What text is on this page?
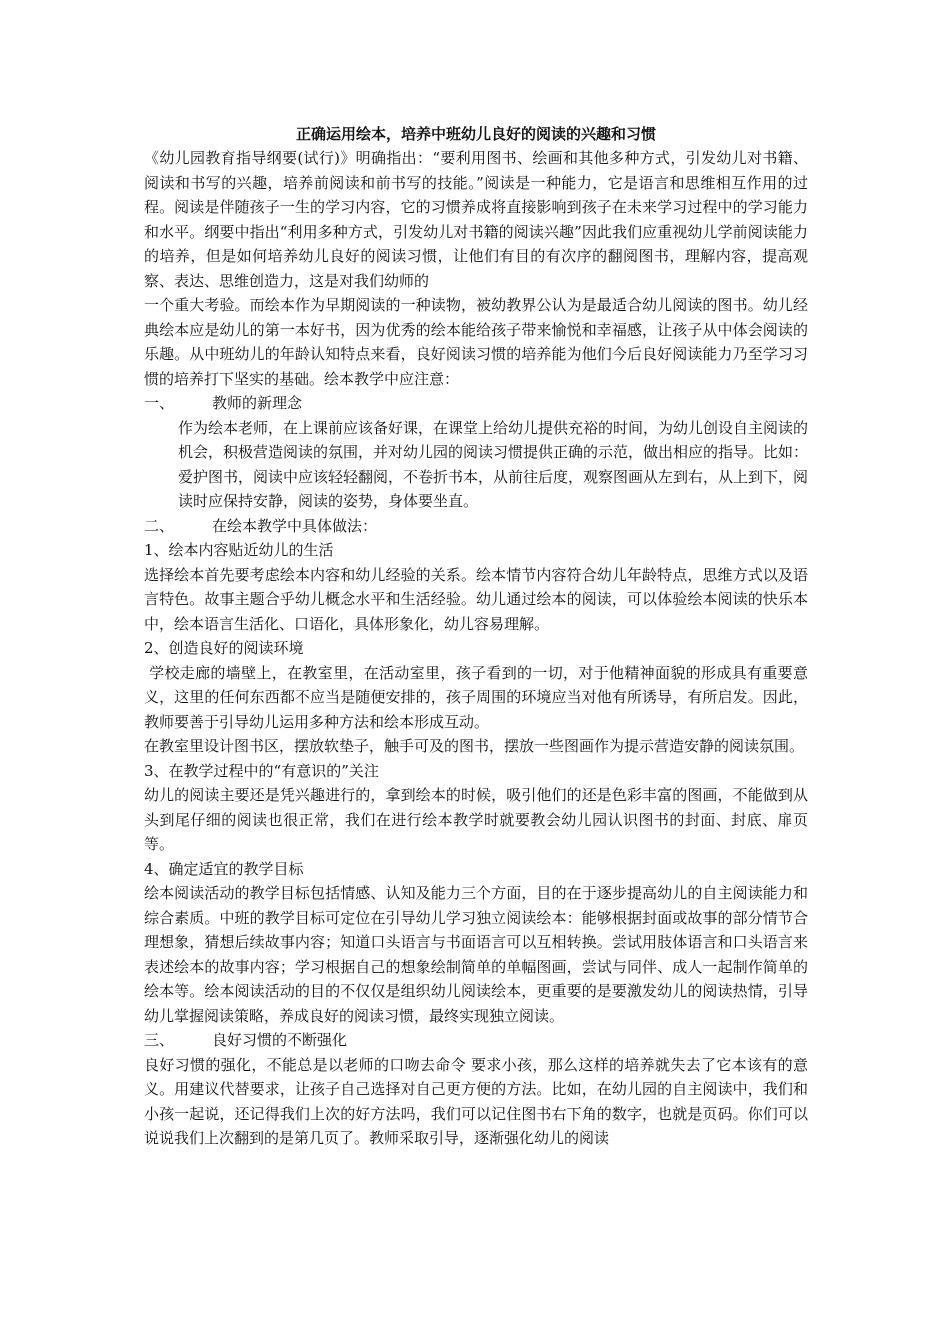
正确运用绘本，培养中班幼儿良好的阅读的兴趣和习惯

《幼儿园教育指导纲要(试行)》明确指出：“要利用图书、绘画和其他多种方式，引发幼儿对书籍、阅读和书写的兴趣，培养前阅读和前书写的技能。”阅读是一种能力，它是语言和思维相互作用的过程。阅读是伴随孩子一生的学习内容，它的习惯养成将直接影响到孩子在未来学习过程中的学习能力和水平。纲要中指出“利用多种方式，引发幼儿对书籍的阅读兴趣”因此我们应重视幼儿学前阅读能力的培养，但是如何培养幼儿良好的阅读习惯，让他们有目的有次序的翻阅图书，理解内容，提高观察、表达、思维创造力，这是对我们幼师的

一个重大考验。而绘本作为早期阅读的一种读物，被幼教界公认为是最适合幼儿阅读的图书。幼儿经典绘本应是幼儿的第一本好书，因为优秀的绘本能给孩子带来愉悦和幸福感，让孩子从中体会阅读的乐趣。从中班幼儿的年龄认知特点来看，良好阅读习惯的培养能为他们今后良好阅读能力乃至学习习惯的培养打下坚实的基础。绘本教学中应注意：

一、	教师的新理念

作为绘本老师，在上课前应该备好课，在课堂上给幼儿提供充裕的时间，为幼儿创设自主阅读的机会，积极营造阅读的氛围，并对幼儿园的阅读习惯提供正确的示范，做出相应的指导。比如：爱护图书，阅读中应该轻轻翻阅，不卷折书本，从前往后度，观察图画从左到右，从上到下，阅读时应保持安静，阅读的姿势，身体要坐直。

二、	在绘本教学中具体做法：

1、绘本内容贴近幼儿的生活

选择绘本首先要考虑绘本内容和幼儿经验的关系。绘本情节内容符合幼儿年龄特点，思维方式以及语言特色。故事主题合乎幼儿概念水平和生活经验。幼儿通过绘本的阅读，可以体验绘本阅读的快乐本中，绘本语言生活化、口语化，具体形象化，幼儿容易理解。

2、创造良好的阅读环境

学校走廊的墙壁上，在教室里，在活动室里，孩子看到的一切，对于他精神面貌的形成具有重要意义，这里的任何东西都不应当是随便安排的，孩子周围的环境应当对他有所诱导，有所启发。因此，教师要善于引导幼儿运用多种方法和绘本形成互动。

在教室里设计图书区，摆放软垫子，触手可及的图书，摆放一些图画作为提示营造安静的阅读氛围。

3、在教学过程中的“有意识的”关注

幼儿的阅读主要还是凭兴趣进行的，拿到绘本的时候，吸引他们的还是色彩丰富的图画，不能做到从头到尾仔细的阅读也很正常，我们在进行绘本教学时就要教会幼儿园认识图书的封面、封底、扉页等。

4、确定适宜的教学目标

绘本阅读活动的教学目标包括情感、认知及能力三个方面，目的在于逐步提高幼儿的自主阅读能力和综合素质。中班的教学目标可定位在引导幼儿学习独立阅读绘本：能够根据封面或故事的部分情节合理想象，猜想后续故事内容；知道口头语言与书面语言可以互相转换。尝试用肢体语言和口头语言来表述绘本的故事内容；学习根据自己的想象绘制简单的单幅图画，尝试与同伴、成人一起制作简单的绘本等。绘本阅读活动的目的不仅仅是组织幼儿阅读绘本，更重要的是要激发幼儿的阅读热情，引导幼儿掌握阅读策略，养成良好的阅读习惯，最终实现独立阅读。

三、	良好习惯的不断强化

良好习惯的强化，不能总是以老师的口吻去命令 要求小孩，那么这样的培养就失去了它本该有的意义。用建议代替要求，让孩子自己选择对自己更方便的方法。比如，在幼儿园的自主阅读中，我们和小孩一起说，还记得我们上次的好方法吗，我们可以记住图书右下角的数字，也就是页码。你们可以说说我们上次翻到的是第几页了。教师采取引导，逐渐强化幼儿的阅读
